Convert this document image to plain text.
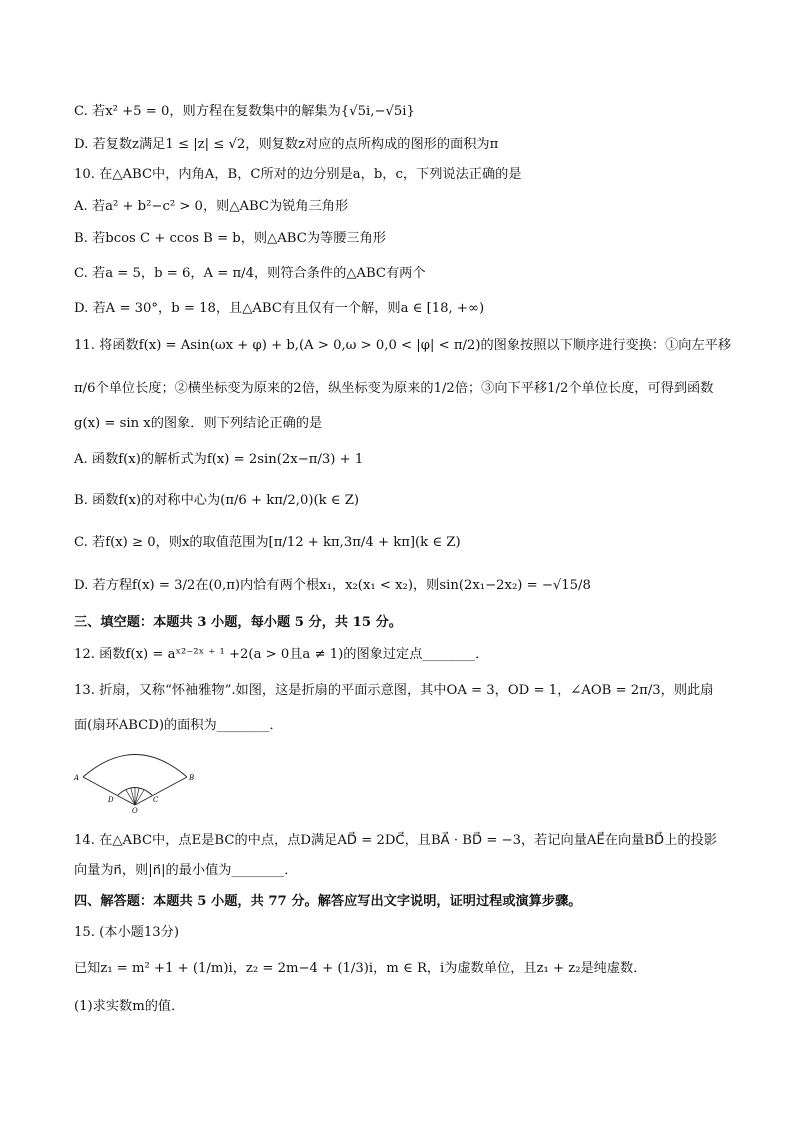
C. 若x² +5 = 0，则方程在复数集中的解集为{√5i,−√5i}
D. 若复数z满足1 ≤ |z| ≤ √2，则复数z对应的点所构成的图形的面积为π
10. 在△ABC中，内角A，B，C所对的边分别是a，b，c，下列说法正确的是
A. 若a² + b²−c² > 0，则△ABC为锐角三角形
B. 若bcos C + ccos B = b，则△ABC为等腰三角形
C. 若a = 5，b = 6，A = π/4，则符合条件的△ABC有两个
D. 若A = 30°，b = 18，且△ABC有且仅有一个解，则a ∈ [18, +∞)
11. 将函数f(x) = Asin(ωx + φ) + b,(A > 0,ω > 0,0 < |φ| < π/2)的图象按照以下顺序进行变换：①向左平移
π/6个单位长度；②横坐标变为原来的2倍，纵坐标变为原来的1/2倍；③向下平移1/2个单位长度，可得到函数
g(x) = sin x的图象．则下列结论正确的是
A. 函数f(x)的解析式为f(x) = 2sin(2x−π/3) + 1
B. 函数f(x)的对称中心为(π/6 + kπ/2,0)(k ∈ Z)
C. 若f(x) ≥ 0，则x的取值范围为[π/12 + kπ,3π/4 + kπ](k ∈ Z)
D. 若方程f(x) = 3/2在(0,π)内恰有两个根x₁，x₂(x₁ < x₂)，则sin(2x₁−2x₂) = −√15/8
三、填空题：本题共 3 小题，每小题 5 分，共 15 分。
12. 函数f(x) = aˣ²⁻²ˣ ⁺ ¹ +2(a > 0且a ≠ 1)的图象过定点________．
13. 折扇，又称“怀袖雅物”.如图，这是折扇的平面示意图，其中OA = 3，OD = 1，∠AOB = 2π/3，则此扇
面(扇环ABCD)的面积为________．
A	B
D	C
O
14. 在△ABC中，点E是BC的中点，点D满足AD⃗ = 2DC⃗，且BA⃗ · BD⃗ = −3，若记向量AE⃗在向量BD⃗上的投影
向量为n⃗，则|n⃗|的最小值为________．
四、解答题：本题共 5 小题，共 77 分。解答应写出文字说明，证明过程或演算步骤。
15. (本小题13分)
已知z₁ = m² +1 + (1/m)i，z₂ = 2m−4 + (1/3)i，m ∈ R，i为虚数单位，且z₁ + z₂是纯虚数．
(1)求实数m的值．
